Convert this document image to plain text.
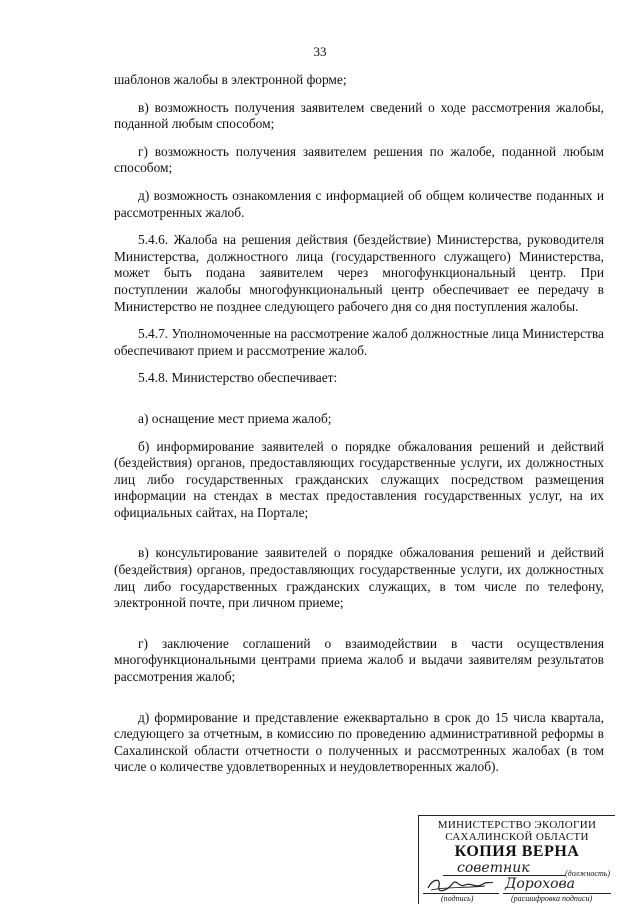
33

шаблонов жалобы в электронной форме;

в) возможность получения заявителем сведений о ходе рассмотрения жалобы, поданной любым способом;

г) возможность получения заявителем решения по жалобе, поданной любым способом;

д) возможность ознакомления с информацией об общем количестве поданных и рассмотренных жалоб.

5.4.6. Жалоба на решения действия (бездействие) Министерства, руководителя Министерства, должностного лица (государственного служащего) Министерства, может быть подана заявителем через многофункциональный центр. При поступлении жалобы многофункциональный центр обеспечивает ее передачу в Министерство не позднее следующего рабочего дня со дня поступления жалобы.

5.4.7. Уполномоченные на рассмотрение жалоб должностные лица Министерства обеспечивают прием и рассмотрение жалоб.

5.4.8. Министерство обеспечивает:

а) оснащение мест приема жалоб;

б) информирование заявителей о порядке обжалования решений и действий (бездействия) органов, предоставляющих государственные услуги, их должностных лиц либо государственных гражданских служащих посредством размещения информации на стендах в местах предоставления государственных услуг, на их официальных сайтах, на Портале;

в) консультирование заявителей о порядке обжалования решений и действий (бездействия) органов, предоставляющих государственные услуги, их должностных лиц либо государственных гражданских служащих, в том числе по телефону, электронной почте, при личном приеме;

г) заключение соглашений о взаимодействии в части осуществления многофункциональными центрами приема жалоб и выдачи заявителям результатов рассмотрения жалоб;

д) формирование и представление ежеквартально в срок до 15 числа квартала, следующего за отчетным, в комиссию по проведению административной реформы в Сахалинской области отчетности о полученных и рассмотренных жалобах (в том числе о количестве удовлетворенных и неудовлетворенных жалоб).

МИНИСТЕРСТВО ЭКОЛОГИИ
САХАЛИНСКОЙ ОБЛАСТИ
КОПИЯ ВЕРНА
советник	(должность)
Дорохова
(подпись)	(расшифровка подписи)
